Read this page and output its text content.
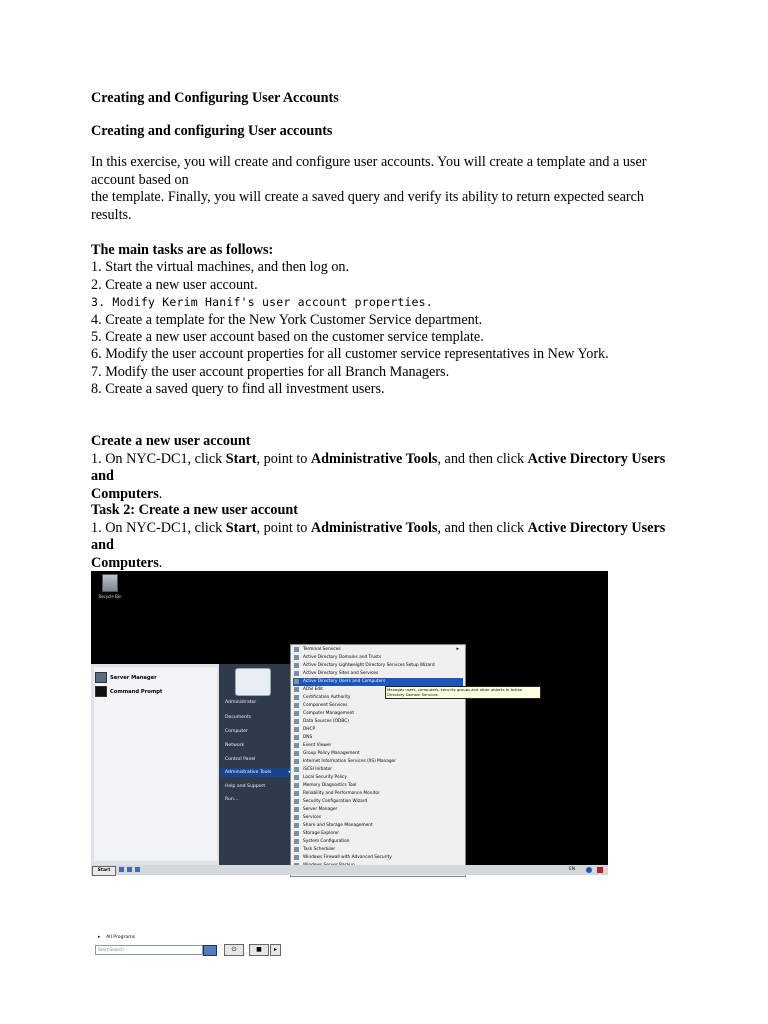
Creating and Configuring User Accounts
Creating and configuring User accounts

In this exercise, you will create and configure user accounts. You will create a template and a user account based on

the template. Finally, you will create a saved query and verify its ability to return expected search results.

The main tasks are as follows:
1. Start the virtual machines, and then log on.
2. Create a new user account.
3. Modify Kerim Hanif's user account properties.
4. Create a template for the New York Customer Service department.
5. Create a new user account based on the customer service template.
6. Modify the user account properties for all customer service representatives in New York.
7. Modify the user account properties for all Branch Managers.
8. Create a saved query to find all investment users.
Create a new user account
1. On NYC-DC1, click Start, point to Administrative Tools, and then click Active Directory Users and
Computers.
Task 2: Create a new user account
1. On NYC-DC1, click Start, point to Administrative Tools, and then click Active Directory Users and
Computers.
Recycle Bin
Server Manager
Command Prompt
▸    All Programs
Start Search
Administrator
Documents
Computer
Network
Control Panel
Administrative Tools
Help and Support
Run...
⏻	■	▸
Terminal Services	▸
Active Directory Domains and Trusts
Active Directory Lightweight Directory Services Setup Wizard
Active Directory Sites and Services
Active Directory Users and Computers
ADSI Edit
Certification Authority
Component Services
Computer Management
Data Sources (ODBC)
DHCP
DNS
Event Viewer
Group Policy Management
Internet Information Services (IIS) Manager
iSCSI Initiator
Local Security Policy
Memory Diagnostics Tool
Reliability and Performance Monitor
Security Configuration Wizard
Server Manager
Services
Share and Storage Management
Storage Explorer
System Configuration
Task Scheduler
Windows Firewall with Advanced Security
Manages users, computers, security groups and other objects in Active Directory Domain Services.
Start	EN
